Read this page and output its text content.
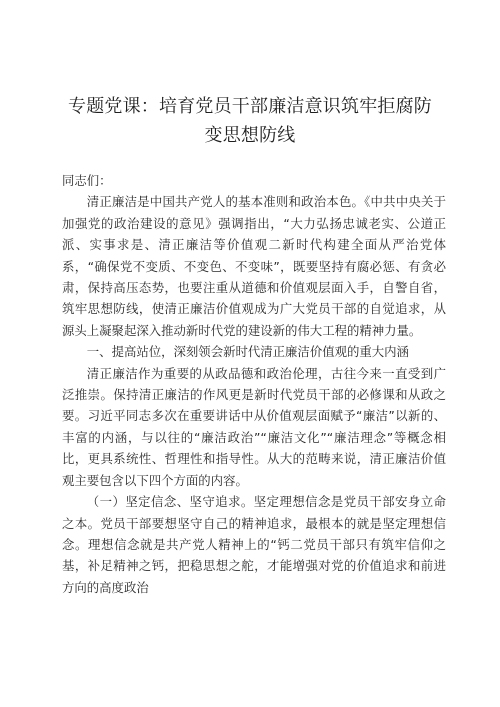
专题党课：培育党员干部廉洁意识筑牢拒腐防变思想防线

同志们：

清正廉洁是中国共产党人的基本准则和政治本色。《中共中央关于加强党的政治建设的意见》强调指出，“大力弘扬忠诚老实、公道正派、实事求是、清正廉洁等价值观二新时代构建全面从严治党体系，“确保党不变质、不变色、不变味”，既要坚持有腐必惩、有贪必肃，保持高压态势，也要注重从道德和价值观层面入手，自警自省，筑牢思想防线，使清正廉洁价值观成为广大党员干部的自觉追求，从源头上凝聚起深入推动新时代党的建设新的伟大工程的精神力量。

一、提高站位，深刻领会新时代清正廉洁价值观的重大内涵

清正廉洁作为重要的从政品德和政治伦理，古往今来一直受到广泛推崇。保持清正廉洁的作风更是新时代党员干部的必修课和从政之要。习近平同志多次在重要讲话中从价值观层面赋予“廉洁”以新的、丰富的内涵，与以往的“廉洁政治”“廉洁文化”“廉洁理念”等概念相比，更具系统性、哲理性和指导性。从大的范畴来说，清正廉洁价值观主要包含以下四个方面的内容。

（一）坚定信念、坚守追求。坚定理想信念是党员干部安身立命之本。党员干部要想坚守自己的精神追求，最根本的就是坚定理想信念。理想信念就是共产党人精神上的“钙二党员干部只有筑牢信仰之基，补足精神之钙，把稳思想之舵，才能增强对党的价值追求和前进方向的高度政治
